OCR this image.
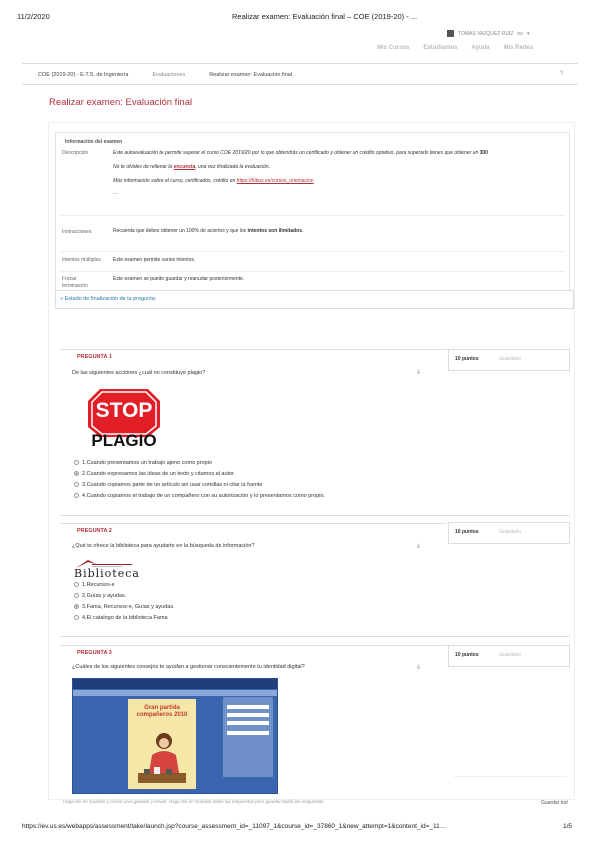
11/2/2020	Realizar examen: Evaluación final – COE (2019-20) - ...
TOMAS VAZQUEZ RUIZ no ▾
Mis Cursos Estudiantes Ayuda Mis Redes
COE (2019-20) - E.T.S. de Ingeniería	Evaluaciones	Realizar examen: Evaluación final	?
Realizar examen: Evaluación final
Información del examen
Descripción	Este autoevaluación te permite superar el curso COE 2019/20 por lo que obtendrás un certificado y obtener un crédito optativo, para superarlo tienes que obtener un 300
No te olvides de rellenar la encuesta, una vez finalizada la evaluación.
Más información sobre el curso, certificados, crédito en https://bibus.es/cursos_orientacion
...
Instrucciones	Recuerda que debes obtener un 100% de aciertos y que los intentos son ilimitados.
Intentos múltiples Este examen permite varios intentos.
Forzar terminación
Este examen se puede guardar y reanudar posteriormente.
» Estado de finalización de la pregunta:
PREGUNTA 1	10 puntos	Guardado
De las siguientes acciones ¿cuál no constituye plagio?	⇓
STOP
PLAGIO
1.Cuando presentamos un trabajo ajeno como propio
2.Cuando expresamos las ideas de un texto y citamos al autor.
3.Cuando copiamos parte de un artículo sin usar comillas ni citar la fuente
4.Cuando copiamos el trabajo de un compañero con su autorización y lo presentamos como propio.
PREGUNTA 2	10 puntos	Guardado
¿Qué te ofrece la biblioteca para ayudarte en la búsqueda de información?	⇓
Biblioteca
1.Recursos-e
2.Guías y ayudas.
3.Fama, Recursos-e, Guías y ayudas.
4.El catalogo de la biblioteca Fama
PREGUNTA 3	10 puntos	Guardado
¿Cuáles de los siguientes consejos te ayudan a gestionar conscientemente tu identidad digital?	⇓
Gran partida compañeros 2010
Haga clic en Guardar y enviar para guardar y enviar. Haga clic en Guardar todas las respuestas para guardar todas las respuestas.	Guardar tod
https://ev.us.es/webapps/assessment/take/launch.jsp?course_assessment_id=_11097_1&course_id=_37860_1&new_attempt=1&content_id=_11…	1/5
